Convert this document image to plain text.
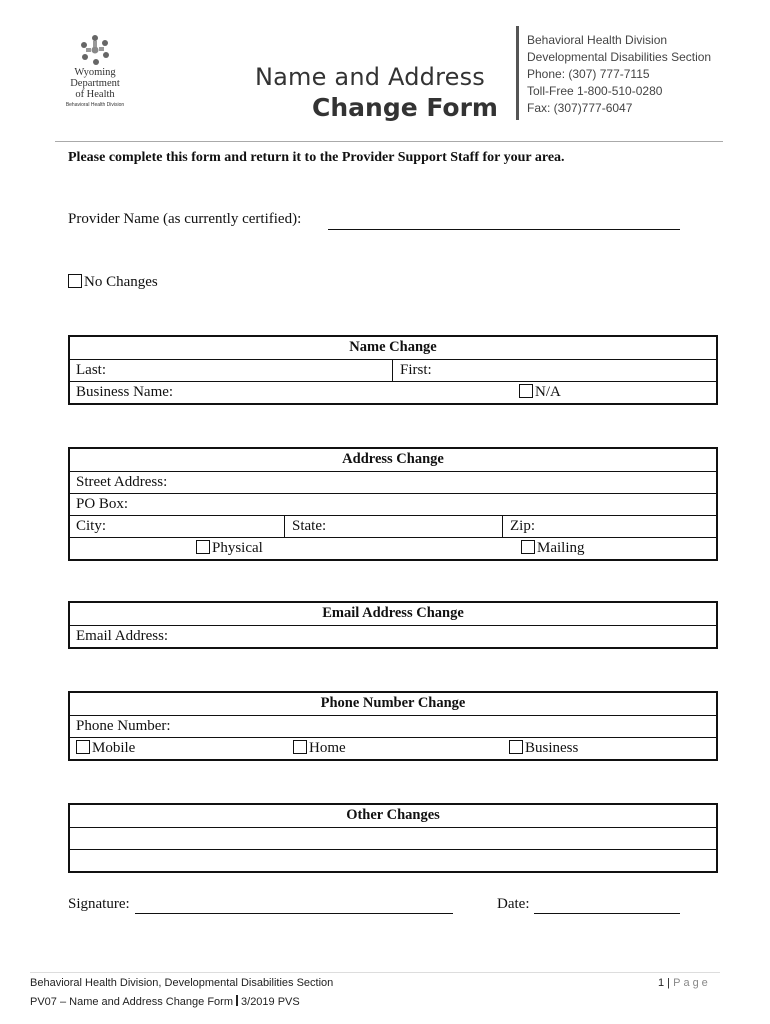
Wyoming
Department
of Health
Behavioral Health Division
Name and Address
Change Form
Behavioral Health Division
Developmental Disabilities Section
Phone: (307) 777-7115
Toll-Free 1-800-510-0280
Fax: (307)777-6047
Please complete this form and return it to the Provider Support Staff for your area.
Provider Name (as currently certified):
No Changes
Name Change
Last:	First:
Business Name:	N/A
Address Change
Street Address:
PO Box:
City:	State:	Zip:
Physical	Mailing
Email Address Change
Email Address:
Phone Number Change
Phone Number:
Mobile	Home	Business
Other Changes
Signature:	Date:
Behavioral Health Division, Developmental Disabilities Section
PV07 – Name and Address Change Form 3/2019 PVS
1 | Page
